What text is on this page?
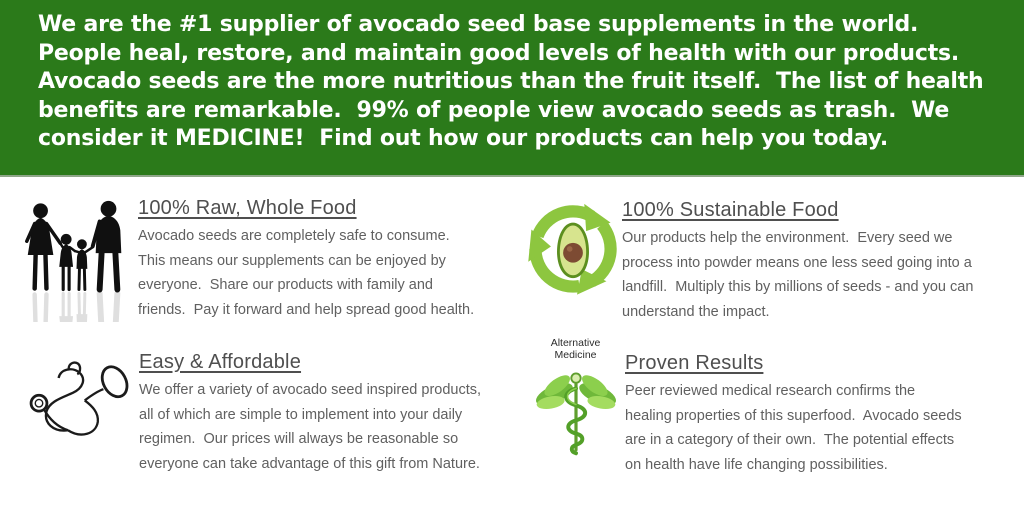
We are the #1 supplier of avocado seed base supplements in the world.  People heal, restore, and maintain good levels of health with our products.  Avocado seeds are the more nutritious than the fruit itself.  The list of health benefits are remarkable.  99% of people view avocado seeds as trash.  We consider it MEDICINE!  Find out how our products can help you today.

100% Raw, Whole Food

Avocado seeds are completely safe to consume.  This means our supplements can be enjoyed by everyone.  Share our products with family and friends.  Pay it forward and help spread good health.

100% Sustainable Food

Our products help the environment.  Every seed we process into powder means one less seed going into a landfill.  Multiply this by millions of seeds - and you can understand the impact.

Easy & Affordable

We offer a variety of avocado seed inspired products, all of which are simple to implement into your daily regimen.  Our prices will always be reasonable so everyone can take advantage of this gift from Nature.

Alternative Medicine	Proven Results

Peer reviewed medical research confirms the  healing properties of this superfood.  Avocado seeds are in a category of their own.  The potential effects on health have life changing possibilities.
